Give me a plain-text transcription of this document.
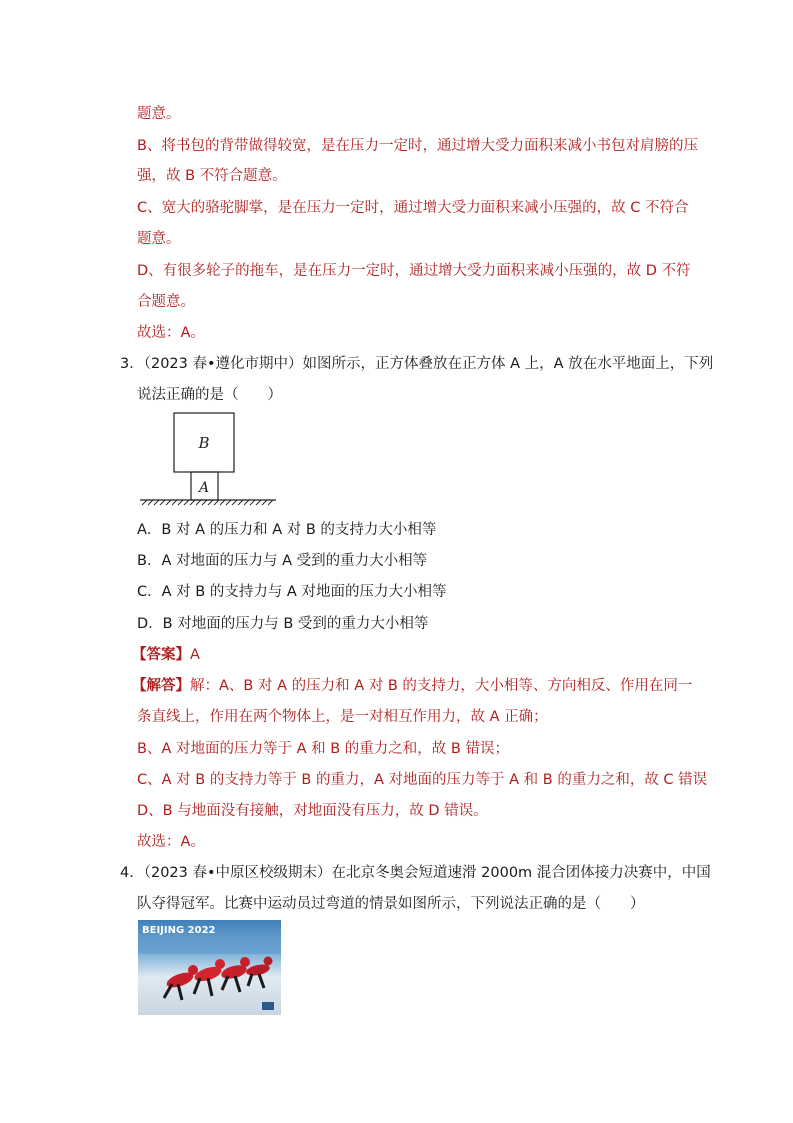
题意。
B、将书包的背带做得较宽，是在压力一定时，通过增大受力面积来减小书包对肩膀的压
强，故 B 不符合题意。
C、宽大的骆驼脚掌，是在压力一定时，通过增大受力面积来减小压强的，故 C 不符合
题意。
D、有很多轮子的拖车，是在压力一定时，通过增大受力面积来减小压强的，故 D 不符
合题意。
故选：A。
3．（2023 春•遵化市期中）如图所示，正方体叠放在正方体 A 上，A 放在水平地面上，下列
说法正确的是（　　）
B
A
A．B 对 A 的压力和 A 对 B 的支持力大小相等
B．A 对地面的压力与 A 受到的重力大小相等
C．A 对 B 的支持力与 A 对地面的压力大小相等
D．B 对地面的压力与 B 受到的重力大小相等
【答案】A
【解答】解：A、B 对 A 的压力和 A 对 B 的支持力，大小相等、方向相反、作用在同一
条直线上，作用在两个物体上，是一对相互作用力，故 A 正确；
B、A 对地面的压力等于 A 和 B 的重力之和，故 B 错误；
C、A 对 B 的支持力等于 B 的重力，A 对地面的压力等于 A 和 B 的重力之和，故 C 错误
D、B 与地面没有接触，对地面没有压力，故 D 错误。
故选：A。
4．（2023 春•中原区校级期末）在北京冬奥会短道速滑 2000m 混合团体接力决赛中，中国
队夺得冠军。比赛中运动员过弯道的情景如图所示，下列说法正确的是（　　）
BEIJING 2022
